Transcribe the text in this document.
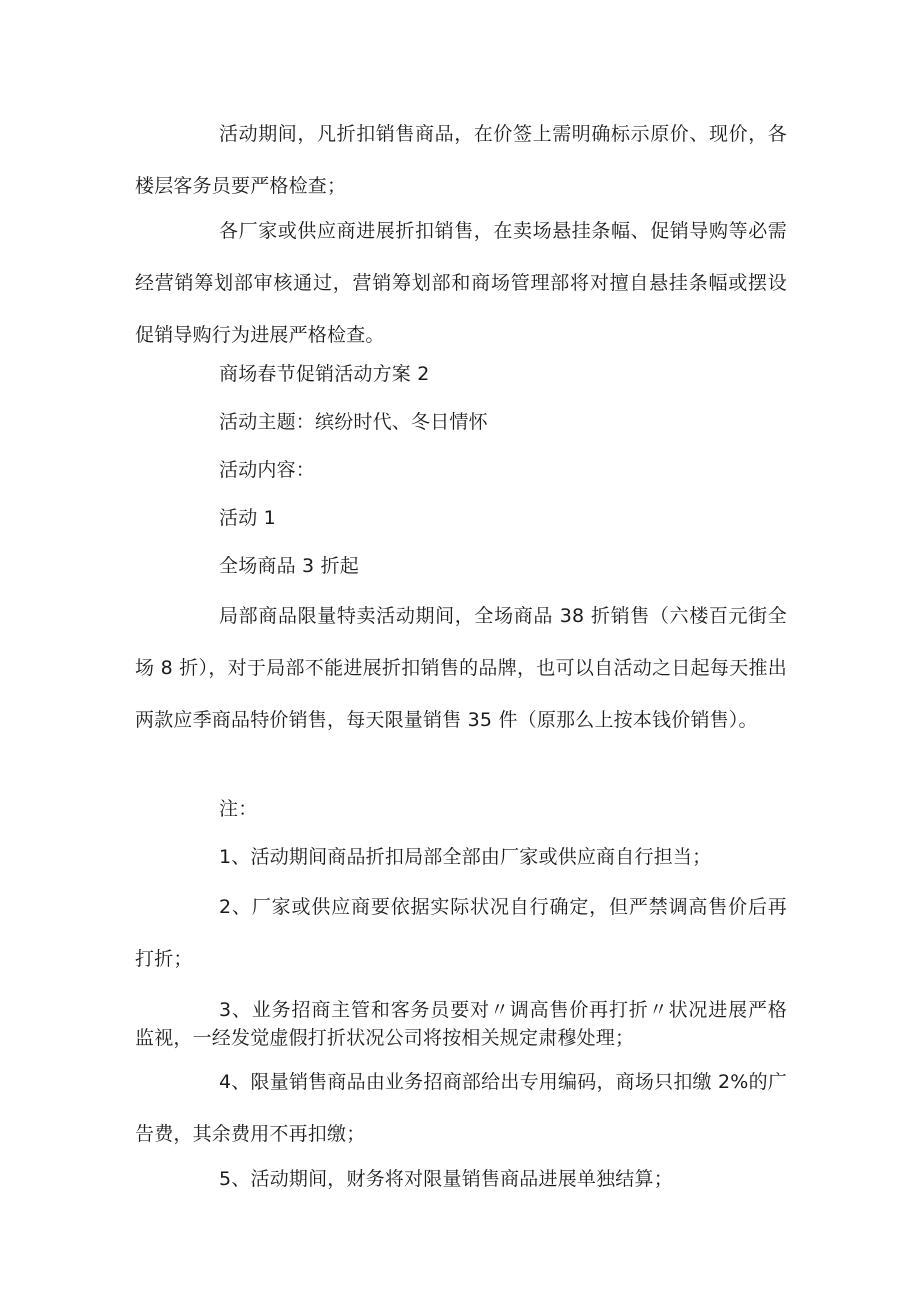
活动期间，凡折扣销售商品，在价签上需明确标示原价、现价，各楼层客务员要严格检查；

各厂家或供应商进展折扣销售，在卖场悬挂条幅、促销导购等必需经营销筹划部审核通过，营销筹划部和商场管理部将对擅自悬挂条幅或摆设促销导购行为进展严格检查。

商场春节促销活动方案 2

活动主题：缤纷时代、冬日情怀

活动内容：

活动 1

全场商品 3 折起

局部商品限量特卖活动期间，全场商品 38 折销售（六楼百元街全场 8 折），对于局部不能进展折扣销售的品牌，也可以自活动之日起每天推出两款应季商品特价销售，每天限量销售 35 件（原那么上按本钱价销售）。

注：

1、活动期间商品折扣局部全部由厂家或供应商自行担当；

2、厂家或供应商要依据实际状况自行确定，但严禁调高售价后再打折；

3、业务招商主管和客务员要对〃调高售价再打折〃状况进展严格监视，一经发觉虚假打折状况公司将按相关规定肃穆处理；

4、限量销售商品由业务招商部给出专用编码，商场只扣缴 2%的广告费，其余费用不再扣缴；

5、活动期间，财务将对限量销售商品进展单独结算；
